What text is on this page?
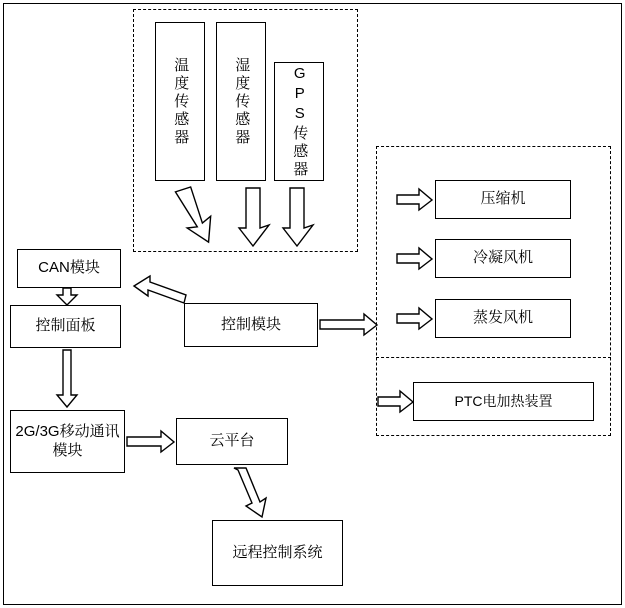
温度传感器	湿度传感器	GPS传感器
CAN模块
控制面板
2G/3G移动通讯模块
控制模块
云平台
远程控制系统
压缩机
冷凝风机
蒸发风机
PTC电加热装置
